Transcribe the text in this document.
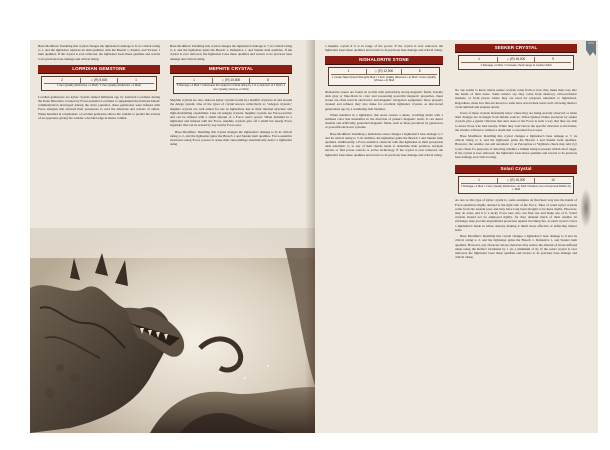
Base Modifiers: Installing this crystal changes the lightsaber's damage to 8, its critical rating to 1, and the lightsaber replaces its item qualities with the Breach 1, Sunder, and Vicious 1 item qualities. If the crystal is ever removed, the lightsaber loses these qualities and reverts to its previous base damage and critical rating.

LORRDIAN GEMSTONE
2	◇ (R) 5,600	1
1 Item Quality (Defensive +1 Mod) / 1 Item Quality (Deflection +1 Mod)

Lorrdian gemstones are kyber crystals named millennia ago by enslaved Lorrdians during the Kanz Disorders. Created by Force-sensitive Lorrdians to supplement the intricate kinetic communication developed among the slave populace, these gemstones were infused with Force energies that allowed their possessors to read the emotions and actions of others. When installed in a lightsaber, a Lorrdian gemstone allows the wielder to predict the actions of an opponent, giving the wielder a decided edge in melee combat.

Base Modifiers: Installing this crystal changes the lightsaber's damage to 7, its critical rating to 2, and the lightsaber gains the Breach 1, Defensive 1, and Sunder item qualities. If the crystal is ever removed, the lightsaber loses these qualities and reverts to its previous base damage and critical rating.

MEPHITE CRYSTAL
1	◇ (R) 10,800	8
5 Damage +1 Mod / 1 Decrease the weapon's critical rating by 1 to a minimum of 1 Mod / 1 Item Quality (Vicious +1 Mod)

Mephite crystals are rare, lustrous kyber crystals found in a handful of places in and around the Adega system. One of the types of crystal known collectively as "Adegan crystals," mephite crystals are well suited for use in lightsabers due to their internal structure and light-modulating capabilities. Like all Adegan crystals, mephite crystals are Force-reactive and can be infused with a small amount of a Force user's power. When installed in a lightsaber and infused with the Force, mephite crystals give off a small but steady Force signature that can be sensed by any nearby Force user.

Base Modifiers: Installing this crystal changes the lightsaber's damage to 8, its critical rating to 2, and the lightsaber gains the Breach 1 and Sunder item qualities. Force-sensitive characters using Force powers to sense their surroundings automatically detect a lightsaber using

a mephite crystal if it is in range of the power. If the crystal is ever removed, the lightsaber loses these qualities and reverts to its previous base damage and critical rating.

NISHALORITE STONE
1	◇ (R) 12,500	8
1 Innate Talent (Feral Strength) Mod / 1 Item Quality (Disorient +1) Mod / 1 Item Quality (Vicious +1) Mod

Nishalorite stones are found on worlds with particularly strong magnetic fields. Usually dark gray or blue-black in color and possessing powerful magnetic properties, these stones are often used in electronics and magnetic navigation equipment. Once properly cleaned and refined, they also make for excellent lightsaber crystals, as discovered generations ago by a wandering Jedi Sentinel.

When installed in a lightsaber, this stone creates a dense, crackling blade with a subdued color that intensifies in the direction of planet's magnetic north. It can detect instable and artificially generated magnetic fields, such as those produced by generators or powerful electronic systems.

Base Modifiers: Installing a nishalorite stone changes a lightsaber's base damage to 7 and its critical rating to 3. In addition, the lightsaber gains the Breach 1 and Sunder item qualities. Additionally, a Force-sensitive character with this lightsaber in their possession adds automatic ◇ to any of their checks made to determine their position, navigate terrain, or find power sources or active technology. If the crystal is ever removed, the lightsaber loses these qualities and reverts to its previous base damage and critical rating.

SEEKER CRYSTAL
1	◇ (R) 16,000	9
1 Damage +1 Mod, 1 Increase check range to medium Mod

No one seems to know where seeker crystals come from or how they make their way into the hands of their users. Some rumors say they come from shadowy, ultra-exclusive markets, or from places where they are used for purposes unrelated to lightsabers. Regardless, those few that are known to exist have served their users well, allowing them to avoid ambush and surprise attack.

Users of these crystals insistently know where they are being secretly observed or when their changes are in danger from hidden sources. When ignited, blades produced by seeker crystals give a gentle vibration that alert users to the Force is such a way that they are able to detect those who lurk nearby. While they won't know the specific direction to the lurker, the wielder will know without a doubt that a concealed foe is near.

Base Modifiers: Installing this crystal changes a lightsaber's base damage to 7, its critical rating to 2, and the lightsaber gains the Breach 1 and Sunder item qualities. However, the wielder can add automatic ◇ on Perception or Vigilance check may add ◇◇ to the check for purposes of detecting whether a hidden being is present within short range. If the crystal is ever removed, the lightsaber loses these qualities and reverts to its previous base damage and critical rating.

Solari Crystal
1	◇ (R) 16,000	10
1 Damage +1 Mod / 1 Item Quality (Defensive +1) Mod / Reduce cost of improved Reflect by ◇ Mod

As rare as this type of kyber crystal is, some examples do find their way into the hands of Force-sensitives highly attuned to the light side of the Force. Tales of solari kyber crystals come from the ancient past, and they have long been thought to be mere myths. However, they do exist, and it is a lucky Force user who can find one and make use of it. Solari crystals should not be employed lightly, for they demand much of their wielder. In exchange, they provide unparalleled protection against incoming fire. A solari crystal covers a lightsaber's blade in white, thereby making it much more effective at deflecting blaster bolts.

Base Modifiers: Installing this crystal changes a lightsaber's base damage to 6 and its critical rating to 2, and the lightsaber gains the Breach 1, Defensive 1, and Sunder item qualities. However, any character whose character may reduce the amount of strain suffered when using the Reflect incidental by 1 (to a minimum of 0). If the solari crystal is ever removed, the lightsaber loses these qualities and reverts to its previous base damage and critical rating.
